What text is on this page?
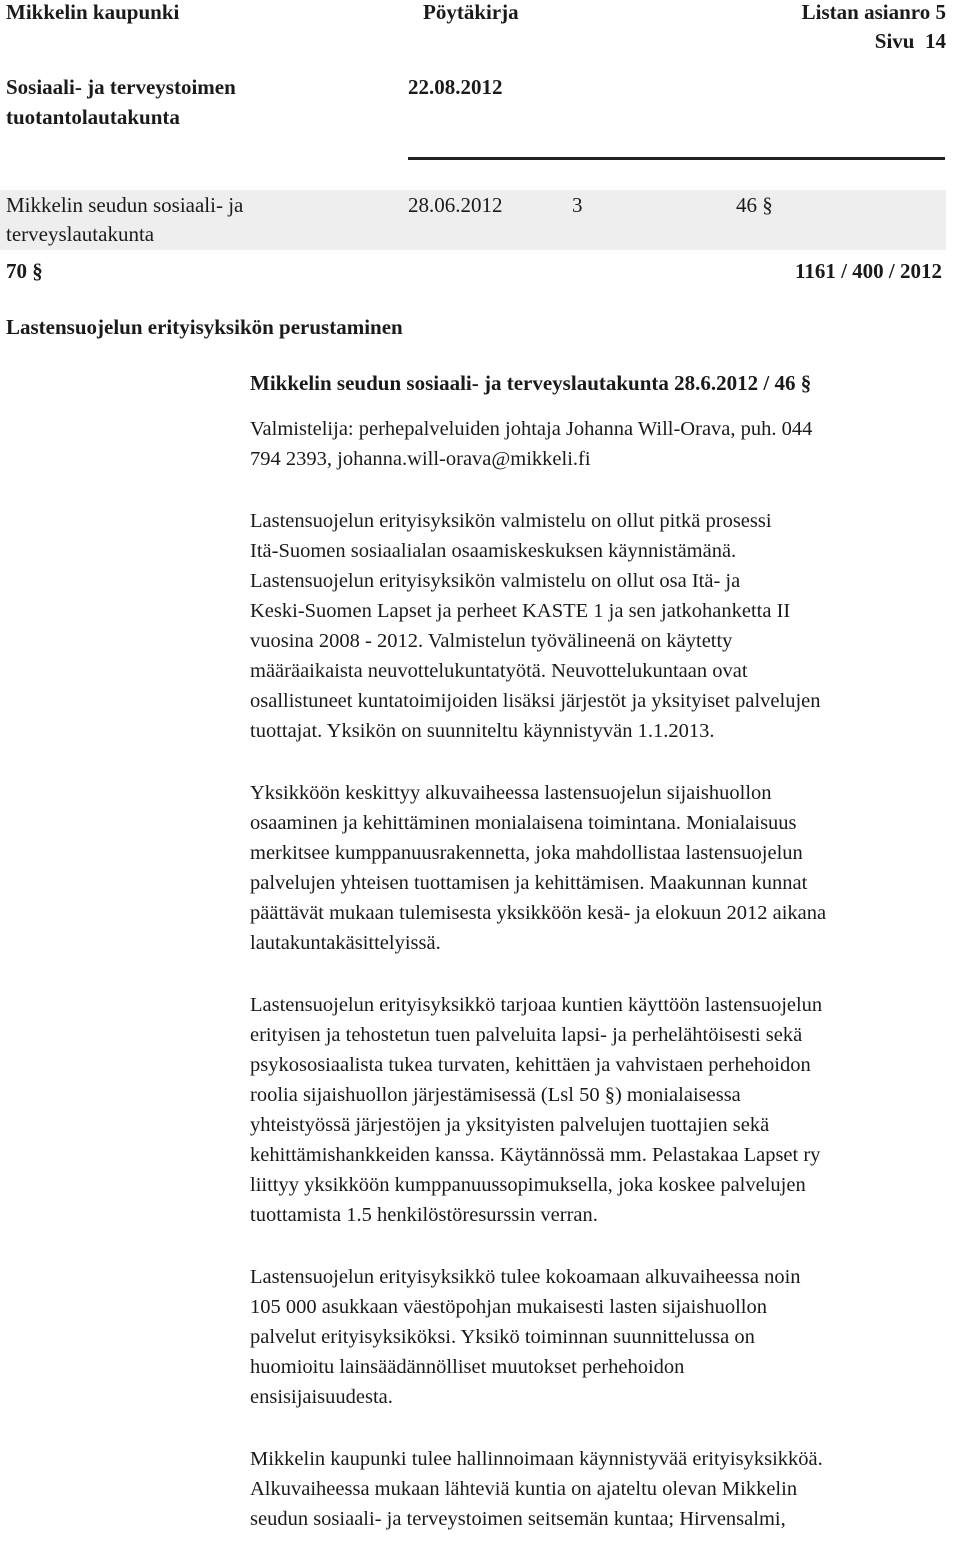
Mikkelin kaupunki	Pöytäkirja	Listan asianro 5
Sivu  14
Sosiaali- ja terveystoimen
tuotantolautakunta
22.08.2012
Mikkelin seudun sosiaali- ja
terveyslautakunta
28.06.2012	3	46 §
70 §	1161 / 400 / 2012
Lastensuojelun erityisyksikön perustaminen

Mikkelin seudun sosiaali- ja terveyslautakunta 28.6.2012 / 46 §

Valmistelija: perhepalveluiden johtaja Johanna Will-Orava, puh. 044

794 2393, johanna.will-orava@mikkeli.fi

Lastensuojelun erityisyksikön valmistelu on ollut pitkä prosessi

Itä-Suomen sosiaalialan osaamiskeskuksen käynnistämänä.

Lastensuojelun erityisyksikön valmistelu on ollut osa Itä- ja

Keski-Suomen Lapset ja perheet KASTE 1 ja sen jatkohanketta II

vuosina 2008 - 2012. Valmistelun työvälineenä on käytetty

määräaikaista neuvottelukuntatyötä. Neuvottelukuntaan ovat

osallistuneet kuntatoimijoiden lisäksi järjestöt ja yksityiset palvelujen

tuottajat. Yksikön on suunniteltu käynnistyvän 1.1.2013.

Yksikköön keskittyy alkuvaiheessa lastensuojelun sijaishuollon

osaaminen ja kehittäminen monialaisena toimintana. Monialaisuus

merkitsee kumppanuusrakennetta, joka mahdollistaa lastensuojelun

palvelujen yhteisen tuottamisen ja kehittämisen. Maakunnan kunnat

päättävät mukaan tulemisesta yksikköön kesä- ja elokuun 2012 aikana

lautakuntakäsittelyissä.

Lastensuojelun erityisyksikkö tarjoaa kuntien käyttöön lastensuojelun

erityisen ja tehostetun tuen palveluita lapsi- ja perhelähtöisesti sekä

psykososiaalista tukea turvaten, kehittäen ja vahvistaen perhehoidon

roolia sijaishuollon järjestämisessä (Lsl 50 §) monialaisessa

yhteistyössä järjestöjen ja yksityisten palvelujen tuottajien sekä

kehittämishankkeiden kanssa. Käytännössä mm. Pelastakaa Lapset ry

liittyy yksikköön kumppanuussopimuksella, joka koskee palvelujen

tuottamista 1.5 henkilöstöresurssin verran.

Lastensuojelun erityisyksikkö tulee kokoamaan alkuvaiheessa noin

105 000 asukkaan väestöpohjan mukaisesti lasten sijaishuollon

palvelut erityisyksiköksi. Yksikö toiminnan suunnittelussa on

huomioitu lainsäädännölliset muutokset perhehoidon

ensisijaisuudesta.

Mikkelin kaupunki tulee hallinnoimaan käynnistyvää erityisyksikköä.

Alkuvaiheessa mukaan lähteviä kuntia on ajateltu olevan Mikkelin

seudun sosiaali- ja terveystoimen seitsemän kuntaa; Hirvensalmi,
